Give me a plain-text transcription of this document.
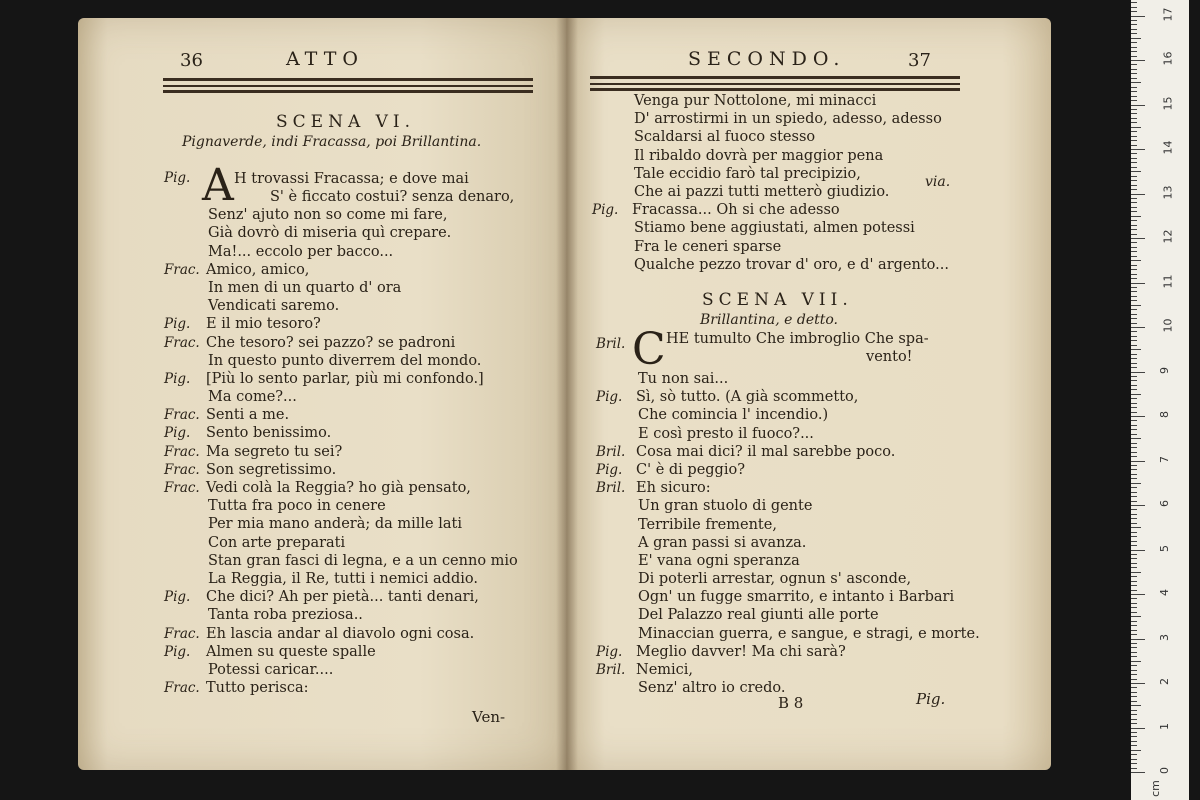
36	ATTO
SCENA VI.
Pignaverde, indi Fracassa, poi Brillantina.
Pig. A H trovassi Fracassa; e dove mai
S' è ficcato costui? senza denaro,
Senz' ajuto non so come mi fare,
Già dovrò di miseria quì crepare.
Ma!... eccolo per bacco...
Frac. Amico, amico,
In men di un quarto d' ora
Vendicati saremo.
Pig. E il mio tesoro?
Frac. Che tesoro? sei pazzo? se padroni
In questo punto diverrem del mondo.
Pig. [Più lo sento parlar, più mi confondo.]
Ma come?...
Frac. Senti a me.
Pig. Sento benissimo.
Frac. Ma segreto tu sei?
Frac. Son segretissimo.
Frac. Vedi colà la Reggia? ho già pensato,
Tutta fra poco in cenere
Per mia mano anderà; da mille lati
Con arte preparati
Stan gran fasci di legna, e a un cenno mio
La Reggia, il Re, tutti i nemici addio.
Pig. Che dici? Ah per pietà... tanti denari,
Tanta roba preziosa..
Frac. Eh lascia andar al diavolo ogni cosa.
Pig. Almen su queste spalle
Potessi caricar....
Frac. Tutto perisca:
Ven-
SECONDO.	37
Venga pur Nottolone, mi minacci
D' arrostirmi in un spiedo, adesso, adesso
Scaldarsi al fuoco stesso
Il ribaldo dovrà per maggior pena
Tale eccidio farò tal precipizio,
Che ai pazzi tutti metterò giudizio.
Pig. Fracassa... Oh si che adesso
Stiamo bene aggiustati, almen potessi
Fra le ceneri sparse
Qualche pezzo trovar d' oro, e d' argento...
via.
SCENA VII.
Brillantina, e detto.
Bril. C HE tumulto Che imbroglio Che spa-
vento!
Tu non sai...
Pig. Sì, sò tutto. (A già scommetto,
Che comincia l' incendio.)
E così presto il fuoco?...
Bril. Cosa mai dici? il mal sarebbe poco.
Pig. C' è di peggio?
Bril. Eh sicuro:
Un gran stuolo di gente
Terribile fremente,
A gran passi si avanza.
E' vana ogni speranza
Di poterli arrestar, ognun s' asconde,
Ogn' un fugge smarrito, e intanto i Barbari
Del Palazzo real giunti alle porte
Minaccian guerra, e sangue, e stragi, e morte.
Pig. Meglio davver! Ma chi sarà?
Bril. Nemici,
Senz' altro io credo.
B 8	Pig.
0
1
2
3
4
5
6
7
8
9
10
11
12
13
14
15
16
17
cm
